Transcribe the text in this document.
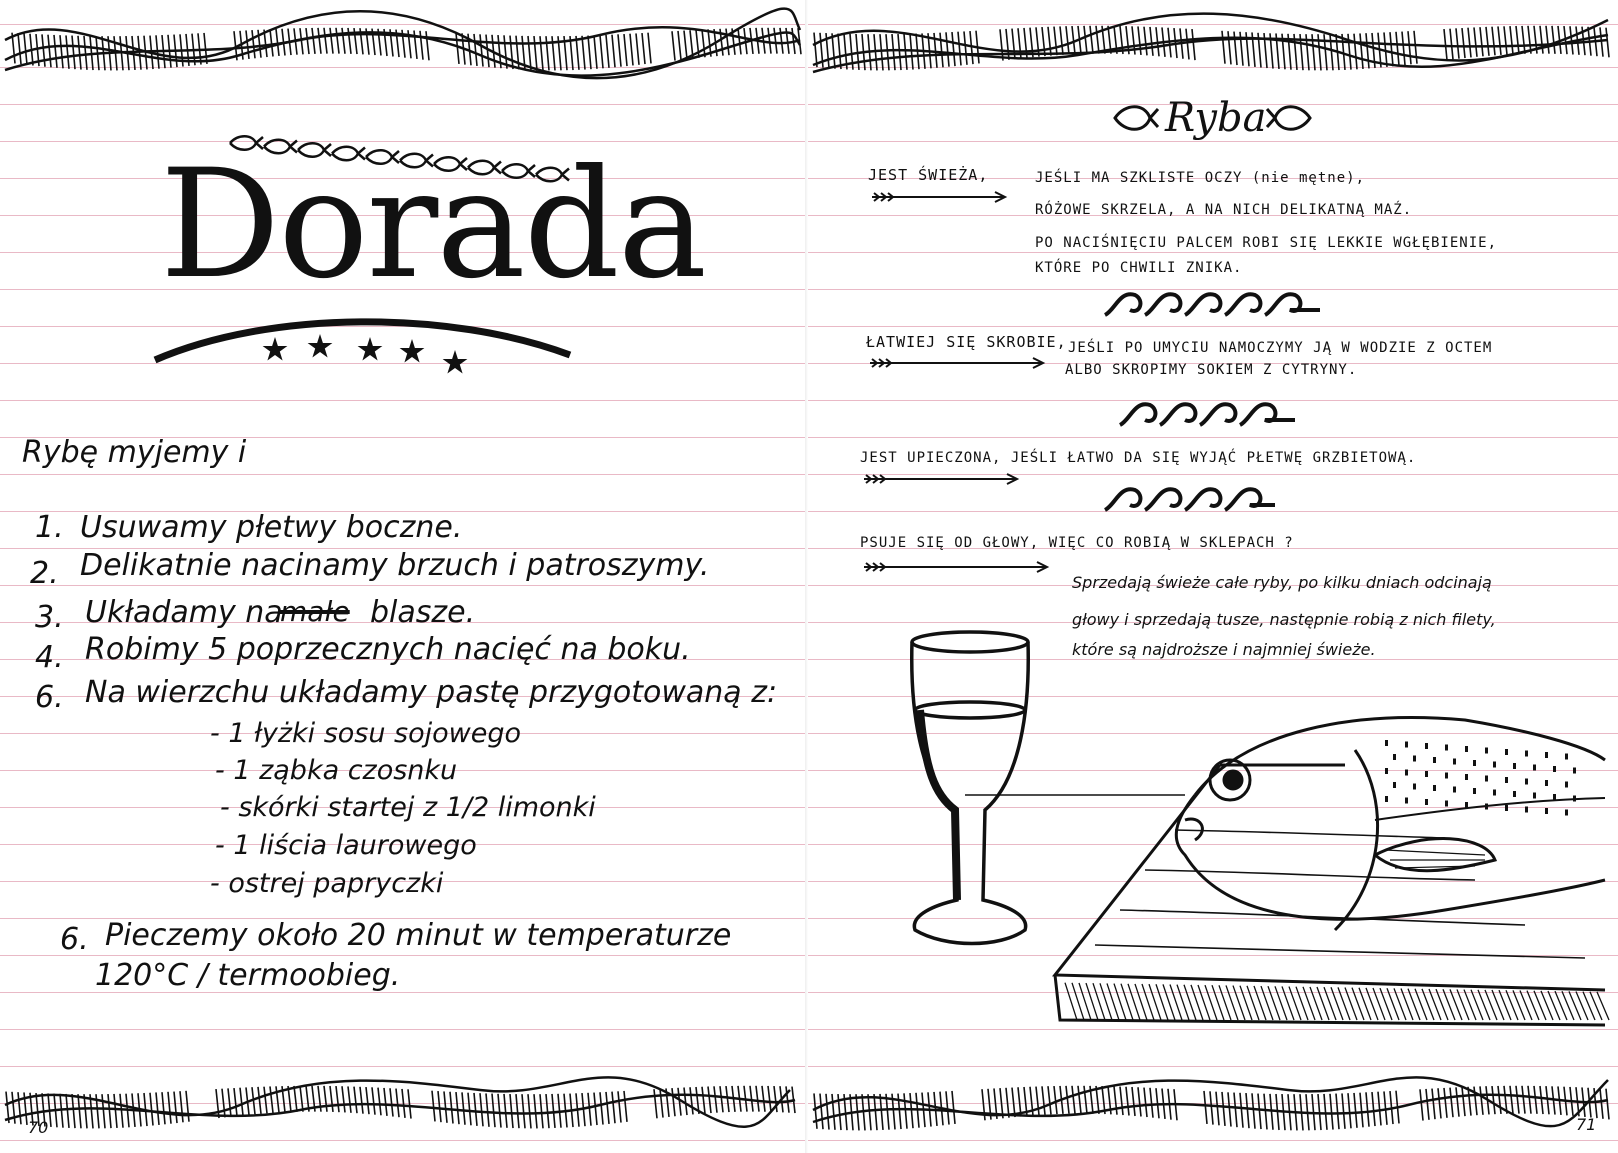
Dorada
Rybę myjemy i
1. Usuwamy płetwy boczne.
2. Delikatnie nacinamy brzuch i patroszymy.
3. Układamy na
małe blasze.
4. Robimy 5 poprzecznych nacięć na boku.
6. Na wierzchu układamy pastę przygotowaną z:
- 1 łyżki sosu sojowego
- 1 ząbka czosnku
- skórki startej z 1/2 limonki
- 1 liścia laurowego
- ostrej papryczki
6. Pieczemy około 20 minut w temperaturze
120°C / termoobieg.
70	71
Ryba
JEST ŚWIEŻA,	JEŚLI MA SZKLISTE OCZY (nie mętne),
RÓŻOWE SKRZELA, A NA NICH DELIKATNĄ MAŹ.
PO NACIŚNIĘCIU PALCEM ROBI SIĘ LEKKIE WGŁĘBIENIE,
KTÓRE PO CHWILI ZNIKA.
ŁATWIEJ SIĘ SKROBIE, JEŚLI PO UMYCIU NAMOCZYMY JĄ W WODZIE Z OCTEM
ALBO SKROPIMY SOKIEM Z CYTRYNY.
JEST UPIECZONA, JEŚLI ŁATWO DA SIĘ WYJĄĆ PŁETWĘ GRZBIETOWĄ.
PSUJE SIĘ OD GŁOWY, WIĘC CO ROBIĄ W SKLEPACH ?
Sprzedają świeże całe ryby, po kilku dniach odcinają
głowy i sprzedają tusze, następnie robią z nich filety,
które są najdroższe i najmniej świeże.
